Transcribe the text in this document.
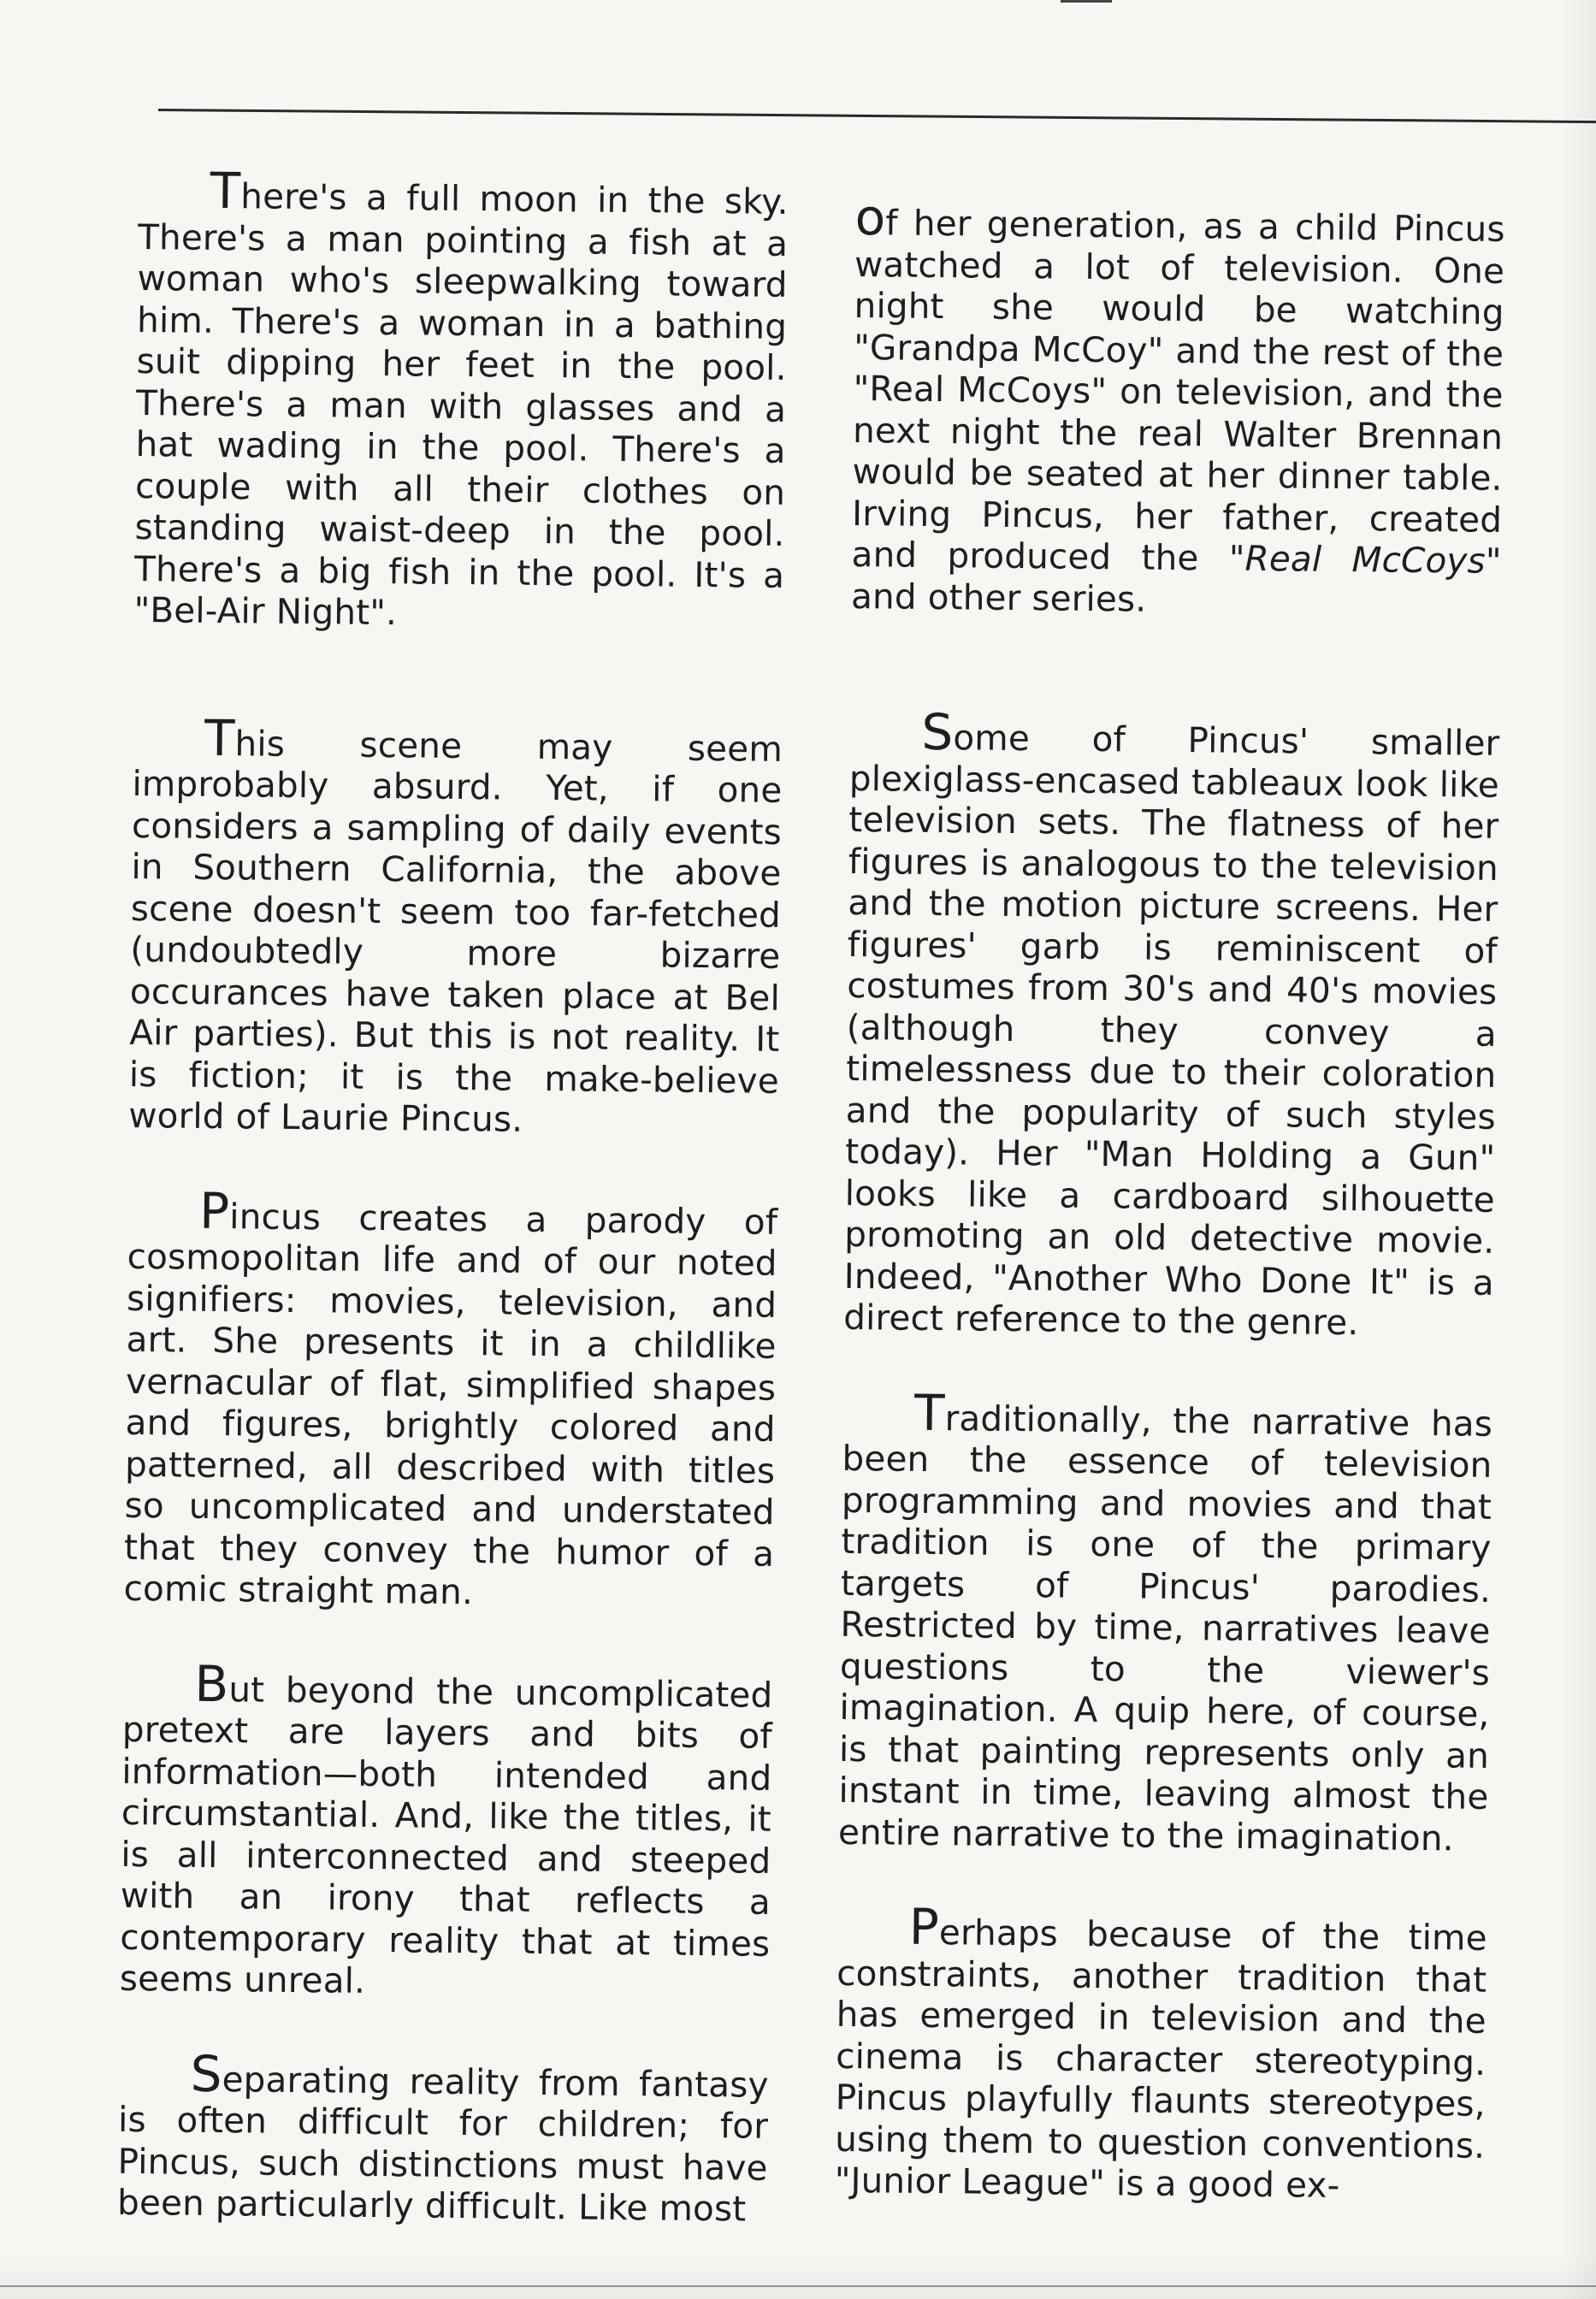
There's a full moon in the sky. There's a man pointing a fish at a woman who's sleepwalking toward him. There's a woman in a bathing suit dipping her feet in the pool. There's a man with glasses and a hat wading in the pool. There's a couple with all their clothes on standing waist-deep in the pool. There's a big fish in the pool. It's a "Bel-Air Night".

This scene may seem improbably absurd. Yet, if one considers a sampling of daily events in Southern California, the above scene doesn't seem too far-fetched (undoubtedly more bizarre occurances have taken place at Bel Air parties). But this is not reality. It is fiction; it is the make-believe world of Laurie Pincus.

Pincus creates a parody of cosmopolitan life and of our noted signifiers: movies, television, and art. She presents it in a childlike vernacular of flat, simplified shapes and figures, brightly colored and patterned, all described with titles so uncomplicated and understated that they convey the humor of a comic straight man.

But beyond the uncomplicated pretext are layers and bits of information—both intended and circumstantial. And, like the titles, it is all interconnected and steeped with an irony that reflects a contemporary reality that at times seems unreal.

Separating reality from fantasy is often difficult for children; for Pincus, such distinctions must have been particularly difficult. Like most

of her generation, as a child Pincus watched a lot of television. One night she would be watching "Grandpa McCoy" and the rest of the "Real McCoys" on television, and the next night the real Walter Brennan would be seated at her dinner table. Irving Pincus, her father, created and produced the "Real McCoys" and other series.

Some of Pincus' smaller plexiglass-encased tableaux look like television sets. The flatness of her figures is analogous to the television and the motion picture screens. Her figures' garb is reminiscent of costumes from 30's and 40's movies (although they convey a timelessness due to their coloration and the popularity of such styles today). Her "Man Holding a Gun" looks like a cardboard silhouette promoting an old detective movie. Indeed, "Another Who Done It" is a direct reference to the genre.

Traditionally, the narrative has been the essence of television programming and movies and that tradition is one of the primary targets of Pincus' parodies. Restricted by time, narratives leave questions to the viewer's imagination. A quip here, of course, is that painting represents only an instant in time, leaving almost the entire narrative to the imagination.

Perhaps because of the time constraints, another tradition that has emerged in television and the cinema is character stereotyping. Pincus playfully flaunts stereotypes, using them to question conventions. "Junior League" is a good ex-
